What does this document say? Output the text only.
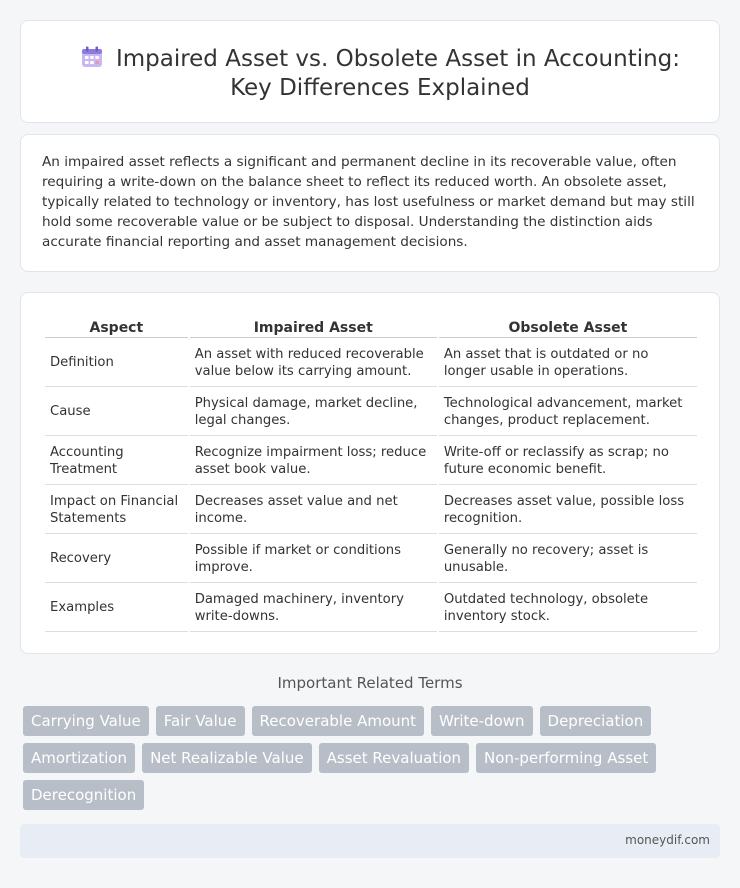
Impaired Asset vs. Obsolete Asset in Accounting: Key Differences Explained

An impaired asset reflects a significant and permanent decline in its recoverable value, often requiring a write-down on the balance sheet to reflect its reduced worth. An obsolete asset, typically related to technology or inventory, has lost usefulness or market demand but may still hold some recoverable value or be subject to disposal. Understanding the distinction aids accurate financial reporting and asset management decisions.

Aspect	Impaired Asset	Obsolete Asset
Definition	An asset with reduced recoverable value below its carrying amount.	An asset that is outdated or no longer usable in operations.
Cause	Physical damage, market decline, legal changes.	Technological advancement, market changes, product replacement.
Accounting Treatment	Recognize impairment loss; reduce asset book value.	Write-off or reclassify as scrap; no future economic benefit.
Impact on Financial Statements	Decreases asset value and net income.	Decreases asset value, possible loss recognition.
Recovery	Possible if market or conditions improve.	Generally no recovery; asset is unusable.
Examples	Damaged machinery, inventory write-downs.	Outdated technology, obsolete inventory stock.
Important Related Terms
Carrying Value	Fair Value	Recoverable Amount	Write-down	Depreciation
Amortization	Net Realizable Value	Asset Revaluation	Non-performing Asset
Derecognition
moneydif.com
